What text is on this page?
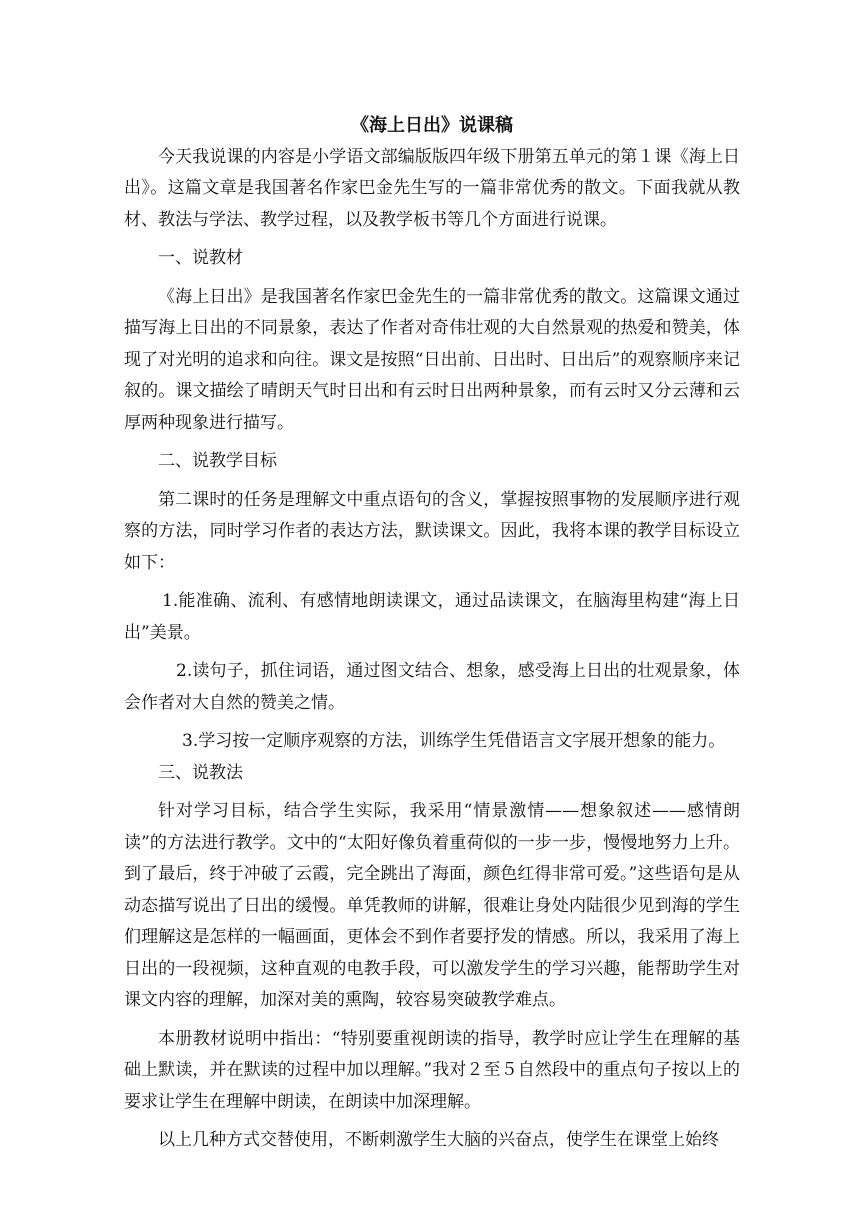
《海上日出》说课稿

今天我说课的内容是小学语文部编版版四年级下册第五单元的第１课《海上日出》。这篇文章是我国著名作家巴金先生写的一篇非常优秀的散文。下面我就从教材、教法与学法、教学过程，以及教学板书等几个方面进行说课。

一、说教材

《海上日出》是我国著名作家巴金先生的一篇非常优秀的散文。这篇课文通过描写海上日出的不同景象，表达了作者对奇伟壮观的大自然景观的热爱和赞美，体现了对光明的追求和向往。课文是按照“日出前、日出时、日出后”的观察顺序来记叙的。课文描绘了晴朗天气时日出和有云时日出两种景象，而有云时又分云薄和云厚两种现象进行描写。

二、说教学目标

第二课时的任务是理解文中重点语句的含义，掌握按照事物的发展顺序进行观察的方法，同时学习作者的表达方法，默读课文。因此，我将本课的教学目标设立如下：

1.能准确、流利、有感情地朗读课文，通过品读课文，在脑海里构建“海上日出”美景。

2.读句子，抓住词语，通过图文结合、想象，感受海上日出的壮观景象，体会作者对大自然的赞美之情。

3.学习按一定顺序观察的方法，训练学生凭借语言文字展开想象的能力。

三、说教法

针对学习目标，结合学生实际，我采用“情景激情——想象叙述——感情朗读”的方法进行教学。文中的“太阳好像负着重荷似的一步一步，慢慢地努力上升。到了最后，终于冲破了云霞，完全跳出了海面，颜色红得非常可爱。”这些语句是从动态描写说出了日出的缓慢。单凭教师的讲解，很难让身处内陆很少见到海的学生们理解这是怎样的一幅画面，更体会不到作者要抒发的情感。所以，我采用了海上日出的一段视频，这种直观的电教手段，可以激发学生的学习兴趣，能帮助学生对课文内容的理解，加深对美的熏陶，较容易突破教学难点。

本册教材说明中指出：“特别要重视朗读的指导，教学时应让学生在理解的基础上默读，并在默读的过程中加以理解。”我对２至５自然段中的重点句子按以上的要求让学生在理解中朗读，在朗读中加深理解。

以上几种方式交替使用，不断刺激学生大脑的兴奋点，使学生在课堂上始终
